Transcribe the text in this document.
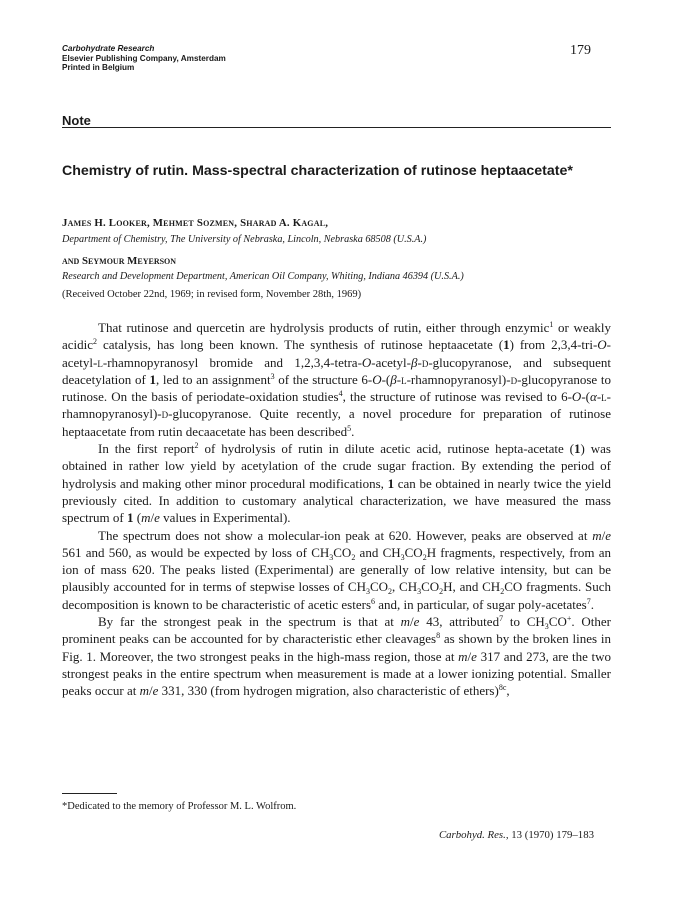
Carbohydrate Research
Elsevier Publishing Company, Amsterdam
Printed in Belgium
179
Note
Chemistry of rutin. Mass-spectral characterization of rutinose heptaacetate*
James H. Looker, Mehmet Sozmen, Sharad A. Kagal,
Department of Chemistry, The University of Nebraska, Lincoln, Nebraska 68508 (U.S.A.)
and Seymour Meyerson
Research and Development Department, American Oil Company, Whiting, Indiana 46394 (U.S.A.)
(Received October 22nd, 1969; in revised form, November 28th, 1969)

That rutinose and quercetin are hydrolysis products of rutin, either through enzymic$^1$ or weakly acidic$^2$ catalysis, has long been known. The synthesis of rutinose heptaacetate (1) from 2,3,4-tri-O-acetyl-l-rhamnopyranosyl bromide and 1,2,3,4-tetra-O-acetyl-β-d-glucopyranose, and subsequent deacetylation of 1, led to an assignment$^3$ of the structure 6-O-(β-l-rhamnopyranosyl)-d-glucopyranose to rutinose. On the basis of periodate-oxidation studies$^4$, the structure of rutinose was revised to 6-O-(α-l-rhamnopyranosyl)-d-glucopyranose. Quite recently, a novel procedure for preparation of rutinose heptaacetate from rutin decaacetate has been described$^5$.

In the first report$^2$ of hydrolysis of rutin in dilute acetic acid, rutinose hepta-acetate (1) was obtained in rather low yield by acetylation of the crude sugar fraction. By extending the period of hydrolysis and making other minor procedural modifications, 1 can be obtained in nearly twice the yield previously cited. In addition to customary analytical characterization, we have measured the mass spectrum of 1 (m/e values in Experimental).

The spectrum does not show a molecular-ion peak at 620. However, peaks are observed at m/e 561 and 560, as would be expected by loss of $CH_3CO_2$ and $CH_3CO_2H$ fragments, respectively, from an ion of mass 620. The peaks listed (Experimental) are generally of low relative intensity, but can be plausibly accounted for in terms of stepwise losses of $CH_3CO_2$, $CH_3CO_2H$, and $CH_2CO$ fragments. Such decomposition is known to be characteristic of acetic esters$^6$ and, in particular, of sugar poly-acetates$^7$.

By far the strongest peak in the spectrum is that at m/e 43, attributed$^7$ to $CH_3CO^+$. Other prominent peaks can be accounted for by characteristic ether cleavages$^8$ as shown by the broken lines in Fig. 1. Moreover, the two strongest peaks in the high-mass region, those at m/e 317 and 273, are the two strongest peaks in the entire spectrum when measurement is made at a lower ionizing potential. Smaller peaks occur at m/e 331, 330 (from hydrogen migration, also characteristic of ethers)$^{8c}$,

*Dedicated to the memory of Professor M. L. Wolfrom.
Carbohyd. Res., 13 (1970) 179–183
